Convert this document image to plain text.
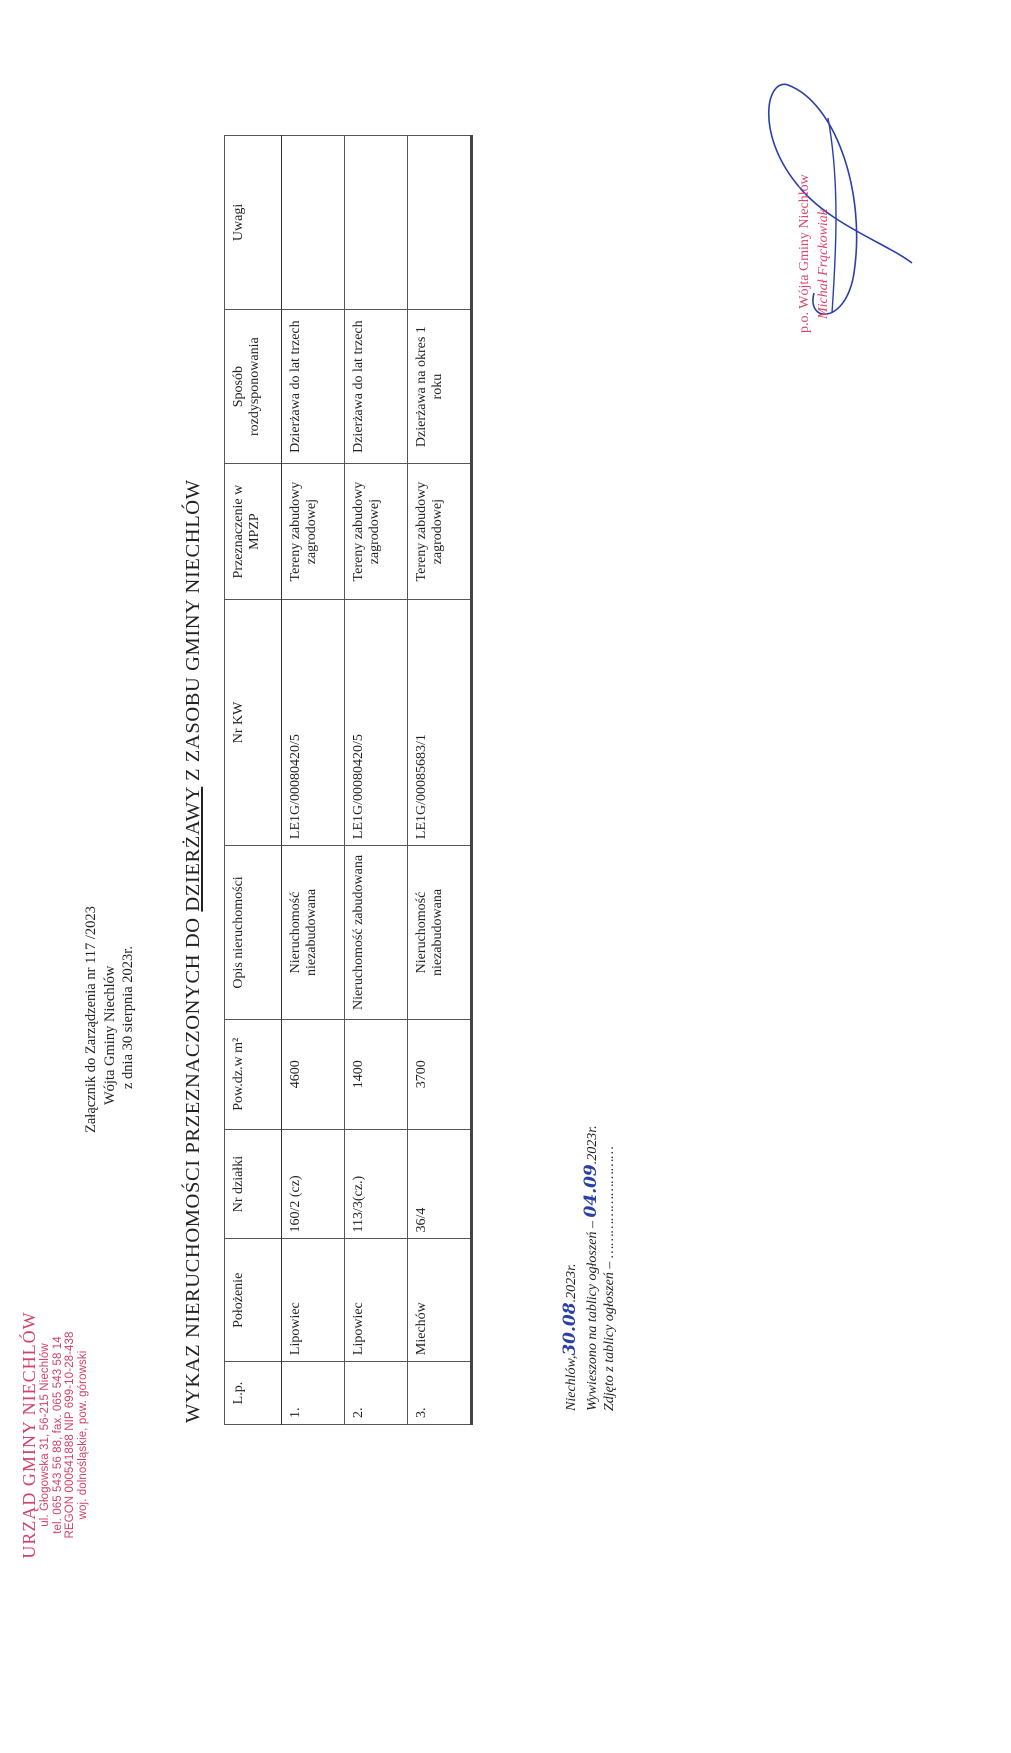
URZĄD GMINY NIECHLÓW ul. Głogowska 31, 56-215 Niechlów tel. 065 543 56 88, fax. 065 543 58 14 REGON 000541888 NIP 699-10-28-438 woj. dolnośląskie, pow. górowski
Załącznik do Zarządzenia nr 117 /2023 Wójta Gminy Niechlów z dnia 30 sierpnia 2023r. WYKAZ NIERUCHOMOŚCI PRZEZNACZONYCH DO DZIERŻAWY Z ZASOBU GMINY NIECHLÓW
L.p.	Położenie	Nr działki	Pow.dz.w m²	Opis nieruchomości	Nr KW	Przeznaczenie w MPZP	Sposób rozdysponowania	Uwagi
1.	Lipowiec	160/2 (cz)	4600	Nieruchomość niezabudowana	LE1G/00080420/5	Tereny zabudowy zagrodowej	Dzierżawa do lat trzech	
2.	Lipowiec	113/3(cz.)	1400	Nieruchomość zabudowana	LE1G/00080420/5	Tereny zabudowy zagrodowej	Dzierżawa do lat trzech	
3.	Miechów	36/4	3700	Nieruchomość niezabudowana	LE1G/00085683/1	Tereny zabudowy zagrodowej	Dzierżawa na okres 1 roku	
Niechlów,30.08.2023r. Wywieszono na tablicy ogłoszeń – 04.09.2023r.
Zdjęto z tablicy ogłoszeń – ………………………
p.o. Wójta Gminy Niechlów Michał Frąckowiak
